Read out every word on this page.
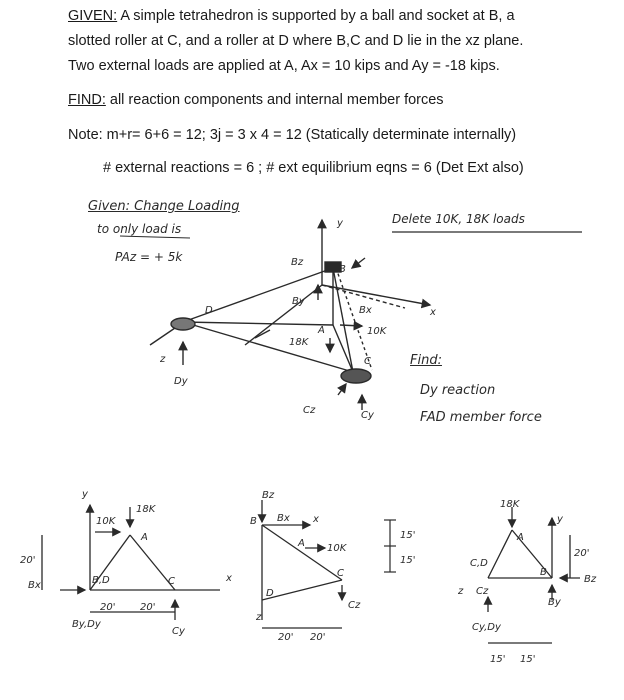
GIVEN: A simple tetrahedron is supported by a ball and socket at B, a
slotted roller at C, and a roller at D where B,C and D lie in the xz plane.
Two external loads are applied at A, Ax = 10 kips and Ay = -18 kips.
FIND: all reaction components and internal member forces
Note: m+r= 6+6 = 12; 3j = 3 x 4 = 12 (Statically determinate internally)
# external reactions = 6 ; # ext equilibrium eqns = 6 (Det Ext also)
Given: Change Loading
to only load is
PAz = + 5k
Delete 10K, 18K loads
Find:
Dy reaction
FAD member force
y
Bz
B
D
By
Bx
A
18K
10K
C
z
x
Dy
Cz	Cy
y
18K
10K
A
20'
Bx	B,D	C	x
20' 20'
By,Dy
Cy
Bz
B Bx x
A 10K
C
D
z
Cz
20' 20'
15'
15'
18K
A
y
20'
C,D
B
Bz
z Cz
Cy,Dy
By
15' 15'
